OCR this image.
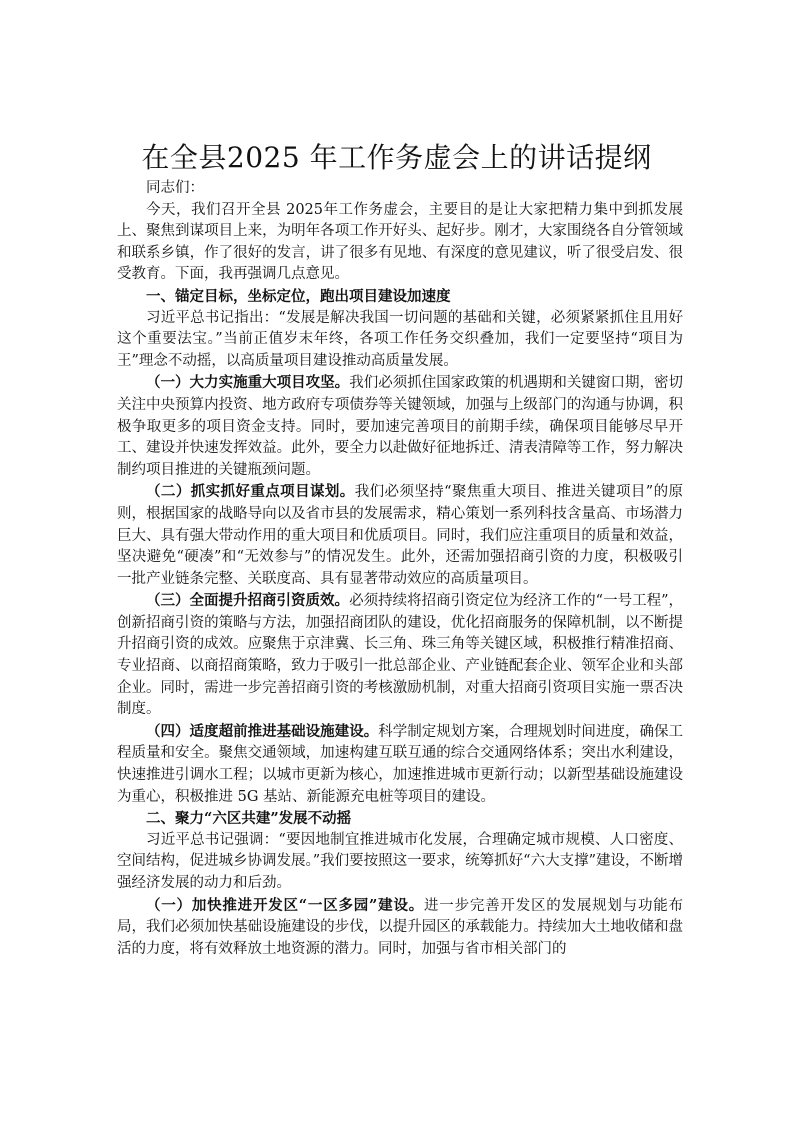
在全县2025 年工作务虚会上的讲话提纲

同志们：

今天，我们召开全县 2025年工作务虚会，主要目的是让大家把精力集中到抓发展上、聚焦到谋项目上来，为明年各项工作开好头、起好步。刚才，大家围绕各自分管领域和联系乡镇，作了很好的发言，讲了很多有见地、有深度的意见建议，听了很受启发、很受教育。下面，我再强调几点意见。

一、锚定目标，坐标定位，跑出项目建设加速度

习近平总书记指出：“发展是解决我国一切问题的基础和关键，必须紧紧抓住且用好这个重要法宝。”当前正值岁末年终，各项工作任务交织叠加，我们一定要坚持“项目为王”理念不动摇，以高质量项目建设推动高质量发展。

（一）大力实施重大项目攻坚。我们必须抓住国家政策的机遇期和关键窗口期，密切关注中央预算内投资、地方政府专项债券等关键领域，加强与上级部门的沟通与协调，积极争取更多的项目资金支持。同时，要加速完善项目的前期手续，确保项目能够尽早开工、建设并快速发挥效益。此外，要全力以赴做好征地拆迁、清表清障等工作，努力解决制约项目推进的关键瓶颈问题。

（二）抓实抓好重点项目谋划。我们必须坚持“聚焦重大项目、推进关键项目”的原则，根据国家的战略导向以及省市县的发展需求，精心策划一系列科技含量高、市场潜力巨大、具有强大带动作用的重大项目和优质项目。同时，我们应注重项目的质量和效益，坚决避免“硬凑”和“无效参与”的情况发生。此外，还需加强招商引资的力度，积极吸引一批产业链条完整、关联度高、具有显著带动效应的高质量项目。

（三）全面提升招商引资质效。必须持续将招商引资定位为经济工作的“一号工程”，创新招商引资的策略与方法，加强招商团队的建设，优化招商服务的保障机制，以不断提升招商引资的成效。应聚焦于京津冀、长三角、珠三角等关键区域，积极推行精准招商、专业招商、以商招商策略，致力于吸引一批总部企业、产业链配套企业、领军企业和头部企业。同时，需进一步完善招商引资的考核激励机制，对重大招商引资项目实施一票否决制度。

（四）适度超前推进基础设施建设。科学制定规划方案，合理规划时间进度，确保工程质量和安全。聚焦交通领域，加速构建互联互通的综合交通网络体系；突出水利建设，快速推进引调水工程；以城市更新为核心，加速推进城市更新行动；以新型基础设施建设为重心，积极推进 5G 基站、新能源充电桩等项目的建设。

二、聚力“六区共建”发展不动摇

习近平总书记强调：“要因地制宜推进城市化发展，合理确定城市规模、人口密度、空间结构，促进城乡协调发展。”我们要按照这一要求，统筹抓好“六大支撑”建设，不断增强经济发展的动力和后劲。

（一）加快推进开发区“一区多园”建设。进一步完善开发区的发展规划与功能布局，我们必须加快基础设施建设的步伐，以提升园区的承载能力。持续加大土地收储和盘活的力度，将有效释放土地资源的潜力。同时，加强与省市相关部门的
